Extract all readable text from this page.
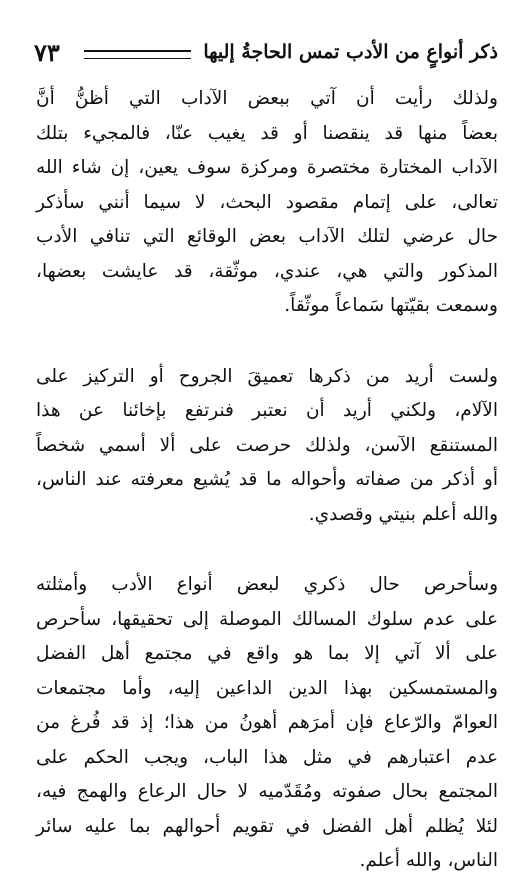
٧٣	ذكر أنواعٍ من الأدب تمس الحاجةُ إليها

ولذلك رأيت أن آتي ببعض الآداب التي أظنُّ أنَّ
بعضاً منها قد ينقصنا أو قد يغيب عنّا، فالمجيء بتلك
الآداب المختارة مختصرة ومركزة سوف يعين، إن شاء الله
تعالى، على إتمام مقصود البحث، لا سيما أنني سأذكر
حال عرضي لتلك الآداب بعض الوقائع التي تنافي الأدب
المذكور والتي هي، عندي، موثّقة، قد عايشت بعضها،
وسمعت بقيّتها سَماعاً موثّقاً.

ولست أريد من ذكرها تعميقَ الجروح أو التركيز على
الآلام، ولكني أريد أن نعتبر فنرتفع بإخائنا عن هذا
المستنقع الآسن، ولذلك حرصت على ألا أسمي شخصاً
أو أذكر من صفاته وأحواله ما قد يُشيع معرفته عند الناس،
والله أعلم بنيتي وقصدي.

وسأحرص حال ذكري لبعض أنواع الأدب وأمثلته
على عدم سلوك المسالك الموصلة إلى تحقيقها، سأحرص
على ألا آتي إلا بما هو واقع في مجتمع أهل الفضل
والمستمسكين بهذا الدين الداعين إليه، وأما مجتمعات
العوامّ والرّعاع فإن أمرَهم أهونُ من هذا؛ إذ قد فُرغ من
عدم اعتبارهم في مثل هذا الباب، ويجب الحكم على
المجتمع بحال صفوته ومُقَدّميه لا حال الرعاع والهمج فيه،
لئلا يُظلم أهل الفضل في تقويم أحوالهم بما عليه سائر
الناس، والله أعلم.
